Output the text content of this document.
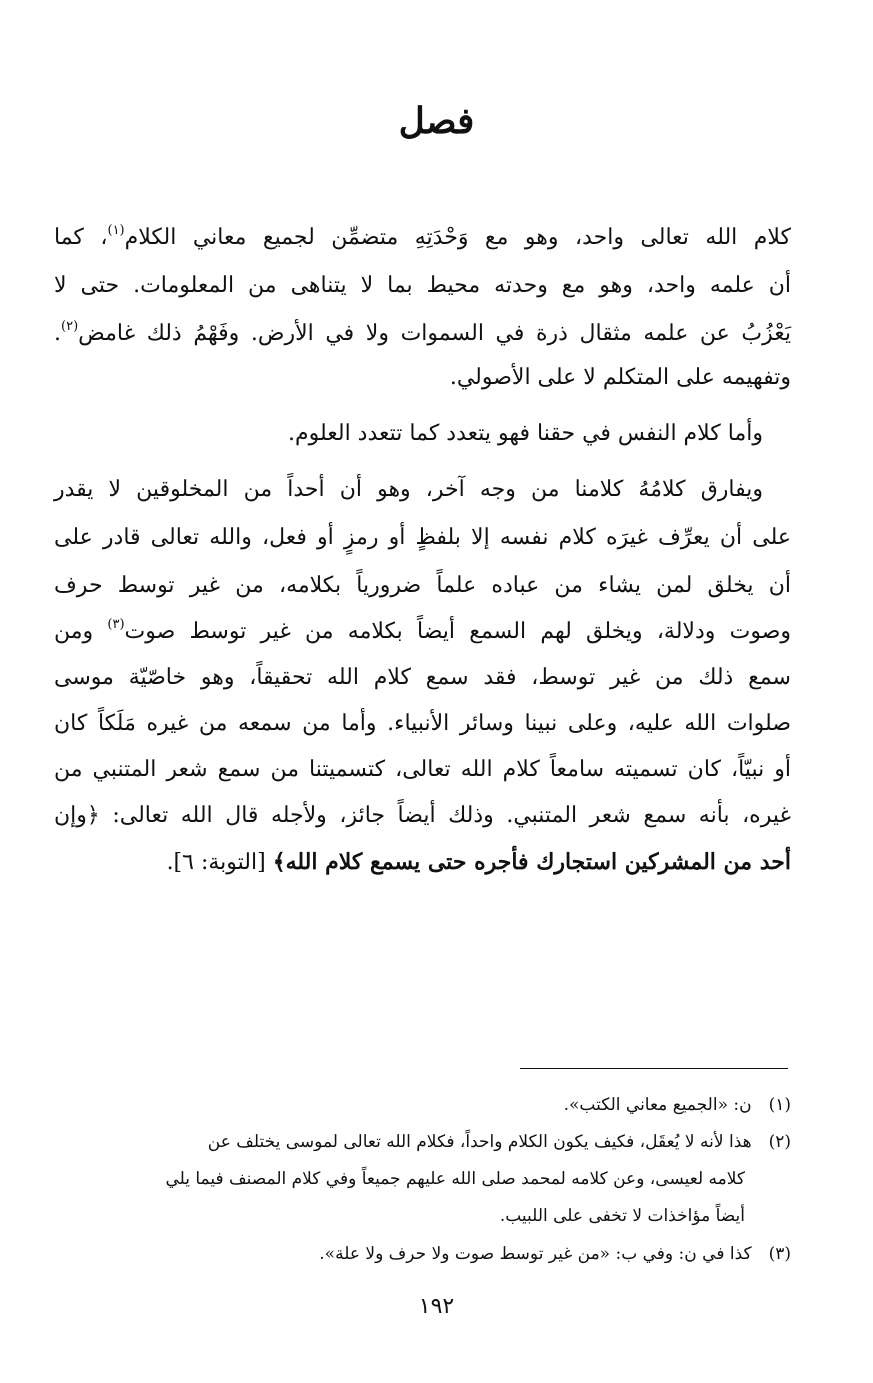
فصل
كلام الله تعالى واحد، وهو مع وَحْدَتِهِ متضمِّن لجميع معاني الكلام$^{(١)}$، كما
أن علمه واحد، وهو مع وحدته محيط بما لا يتناهى من المعلومات. حتى لا
يَعْزُبُ عن علمه مثقال ذرة في السموات ولا في الأرض. وفَهْمُ ذلك غامض$^{(٢)}$.
وتفهيمه على المتكلم لا على الأصولي.
وأما كلام النفس في حقنا فهو يتعدد كما تتعدد العلوم.
ويفارق كلامُهُ كلامنا من وجه آخر، وهو أن أحداً من المخلوقين لا يقدر
على أن يعرِّف غيرَه كلام نفسه إلا بلفظٍ أو رمزٍ أو فعل، والله تعالى قادر على
أن يخلق لمن يشاء من عباده علماً ضرورياً بكلامه، من غير توسط حرف
وصوت ودلالة، ويخلق لهم السمع أيضاً بكلامه من غير توسط صوت$^{(٣)}$ ومن
سمع ذلك من غير توسط، فقد سمع كلام الله تحقيقاً، وهو خاصّيّة موسى
صلوات الله عليه، وعلى نبينا وسائر الأنبياء. وأما من سمعه من غيره مَلَكاً كان
أو نبيّاً، كان تسميته سامعاً كلام الله تعالى، كتسميتنا من سمع شعر المتنبي من
غيره، بأنه سمع شعر المتنبي. وذلك أيضاً جائز، ولأجله قال الله تعالى: ﴿وإن
أحد من المشركين استجارك فأجره حتى يسمع كلام الله﴾ [التوبة: ٦].
(١) ن: «الجميع معاني الكتب».
(٢) هذا لأنه لا يُعقَل، فكيف يكون الكلام واحداً، فكلام الله تعالى لموسى يختلف عن
كلامه لعيسى، وعن كلامه لمحمد صلى الله عليهم جميعاً وفي كلام المصنف فيما يلي
أيضاً مؤاخذات لا تخفى على اللبيب.
(٣) كذا في ن: وفي ب: «من غير توسط صوت ولا حرف ولا علة».
١٩٢
